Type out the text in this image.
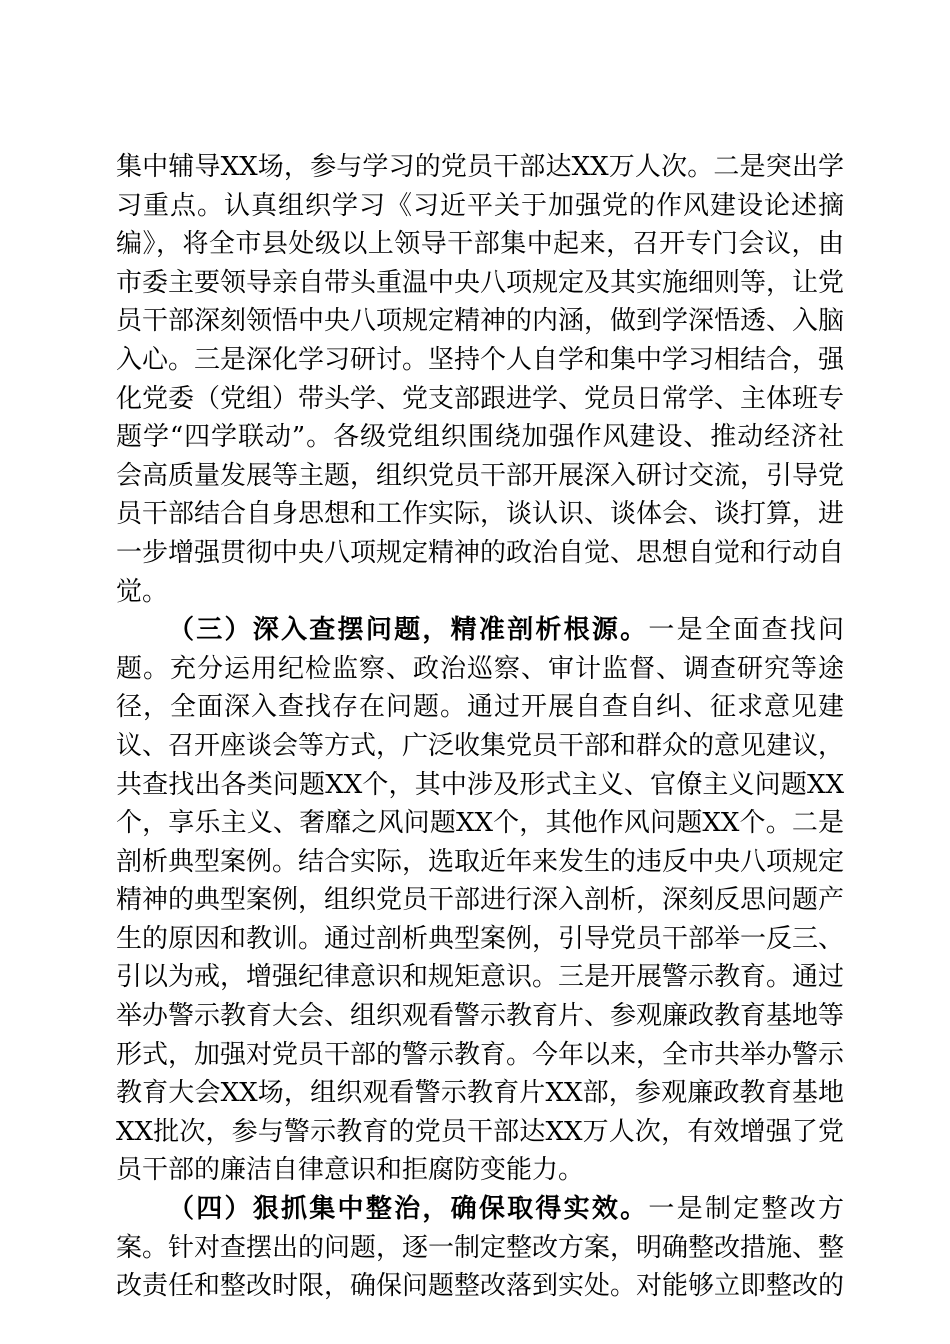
集中辅导XX场，参与学习的党员干部达XX万人次。二是突出学习重点。认真组织学习《习近平关于加强党的作风建设论述摘编》，将全市县处级以上领导干部集中起来，召开专门会议，由市委主要领导亲自带头重温中央八项规定及其实施细则等，让党员干部深刻领悟中央八项规定精神的内涵，做到学深悟透、入脑入心。三是深化学习研讨。坚持个人自学和集中学习相结合，强化党委（党组）带头学、党支部跟进学、党员日常学、主体班专题学“四学联动”。各级党组织围绕加强作风建设、推动经济社会高质量发展等主题，组织党员干部开展深入研讨交流，引导党员干部结合自身思想和工作实际，谈认识、谈体会、谈打算，进一步增强贯彻中央八项规定精神的政治自觉、思想自觉和行动自觉。

（三）深入查摆问题，精准剖析根源。一是全面查找问题。充分运用纪检监察、政治巡察、审计监督、调查研究等途径，全面深入查找存在问题。通过开展自查自纠、征求意见建议、召开座谈会等方式，广泛收集党员干部和群众的意见建议，共查找出各类问题XX个，其中涉及形式主义、官僚主义问题XX个，享乐主义、奢靡之风问题XX个，其他作风问题XX个。二是剖析典型案例。结合实际，选取近年来发生的违反中央八项规定精神的典型案例，组织党员干部进行深入剖析，深刻反思问题产生的原因和教训。通过剖析典型案例，引导党员干部举一反三、引以为戒，增强纪律意识和规矩意识。三是开展警示教育。通过举办警示教育大会、组织观看警示教育片、参观廉政教育基地等形式，加强对党员干部的警示教育。今年以来，全市共举办警示教育大会XX场，组织观看警示教育片XX部，参观廉政教育基地XX批次，参与警示教育的党员干部达XX万人次，有效增强了党员干部的廉洁自律意识和拒腐防变能力。

（四）狠抓集中整治，确保取得实效。一是制定整改方案。针对查摆出的问题，逐一制定整改方案，明确整改措施、整改责任和整改时限，确保问题整改落到实处。对能够立即整改的
